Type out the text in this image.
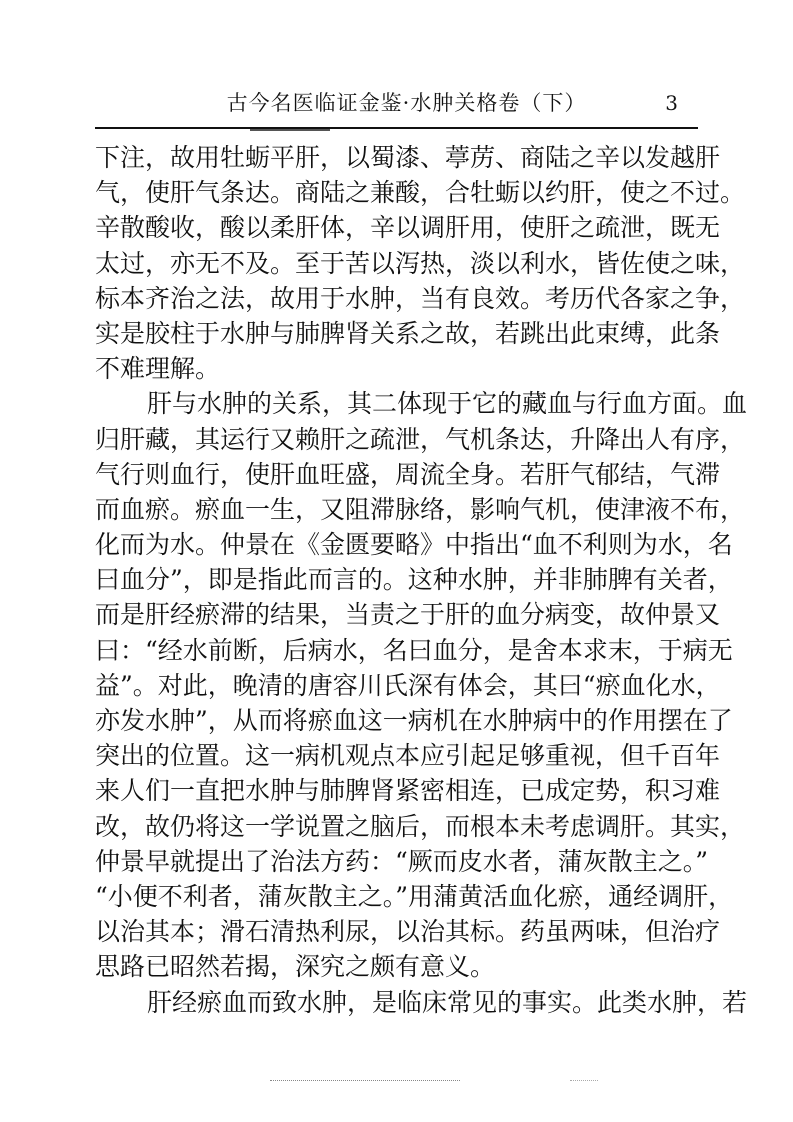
古今名医临证金鉴·水肿关格卷（下）	3
下注，故用牡蛎平肝，以蜀漆、葶苈、商陆之辛以发越肝
气，使肝气条达。商陆之兼酸，合牡蛎以约肝，使之不过。
辛散酸收，酸以柔肝体，辛以调肝用，使肝之疏泄，既无
太过，亦无不及。至于苦以泻热，淡以利水，皆佐使之味，
标本齐治之法，故用于水肿，当有良效。考历代各家之争，
实是胶柱于水肿与肺脾肾关系之故，若跳出此束缚，此条
不难理解。
肝与水肿的关系，其二体现于它的藏血与行血方面。血
归肝藏，其运行又赖肝之疏泄，气机条达，升降出人有序，
气行则血行，使肝血旺盛，周流全身。若肝气郁结，气滞
而血瘀。瘀血一生，又阻滞脉络，影响气机，使津液不布，
化而为水。仲景在《金匮要略》中指出“血不利则为水，名
曰血分”，即是指此而言的。这种水肿，并非肺脾有关者，
而是肝经瘀滞的结果，当责之于肝的血分病变，故仲景又
曰：“经水前断，后病水，名曰血分，是舍本求末，于病无
益”。对此，晚清的唐容川氏深有体会，其曰“瘀血化水，
亦发水肿”，从而将瘀血这一病机在水肿病中的作用摆在了
突出的位置。这一病机观点本应引起足够重视，但千百年
来人们一直把水肿与肺脾肾紧密相连，已成定势，积习难
改，故仍将这一学说置之脑后，而根本未考虑调肝。其实，
仲景早就提出了治法方药：“厥而皮水者，蒲灰散主之。”
“小便不利者，蒲灰散主之。”用蒲黄活血化瘀，通经调肝，
以治其本；滑石清热利尿，以治其标。药虽两味，但治疗
思路已昭然若揭，深究之颇有意义。
肝经瘀血而致水肿，是临床常见的事实。此类水肿，若
